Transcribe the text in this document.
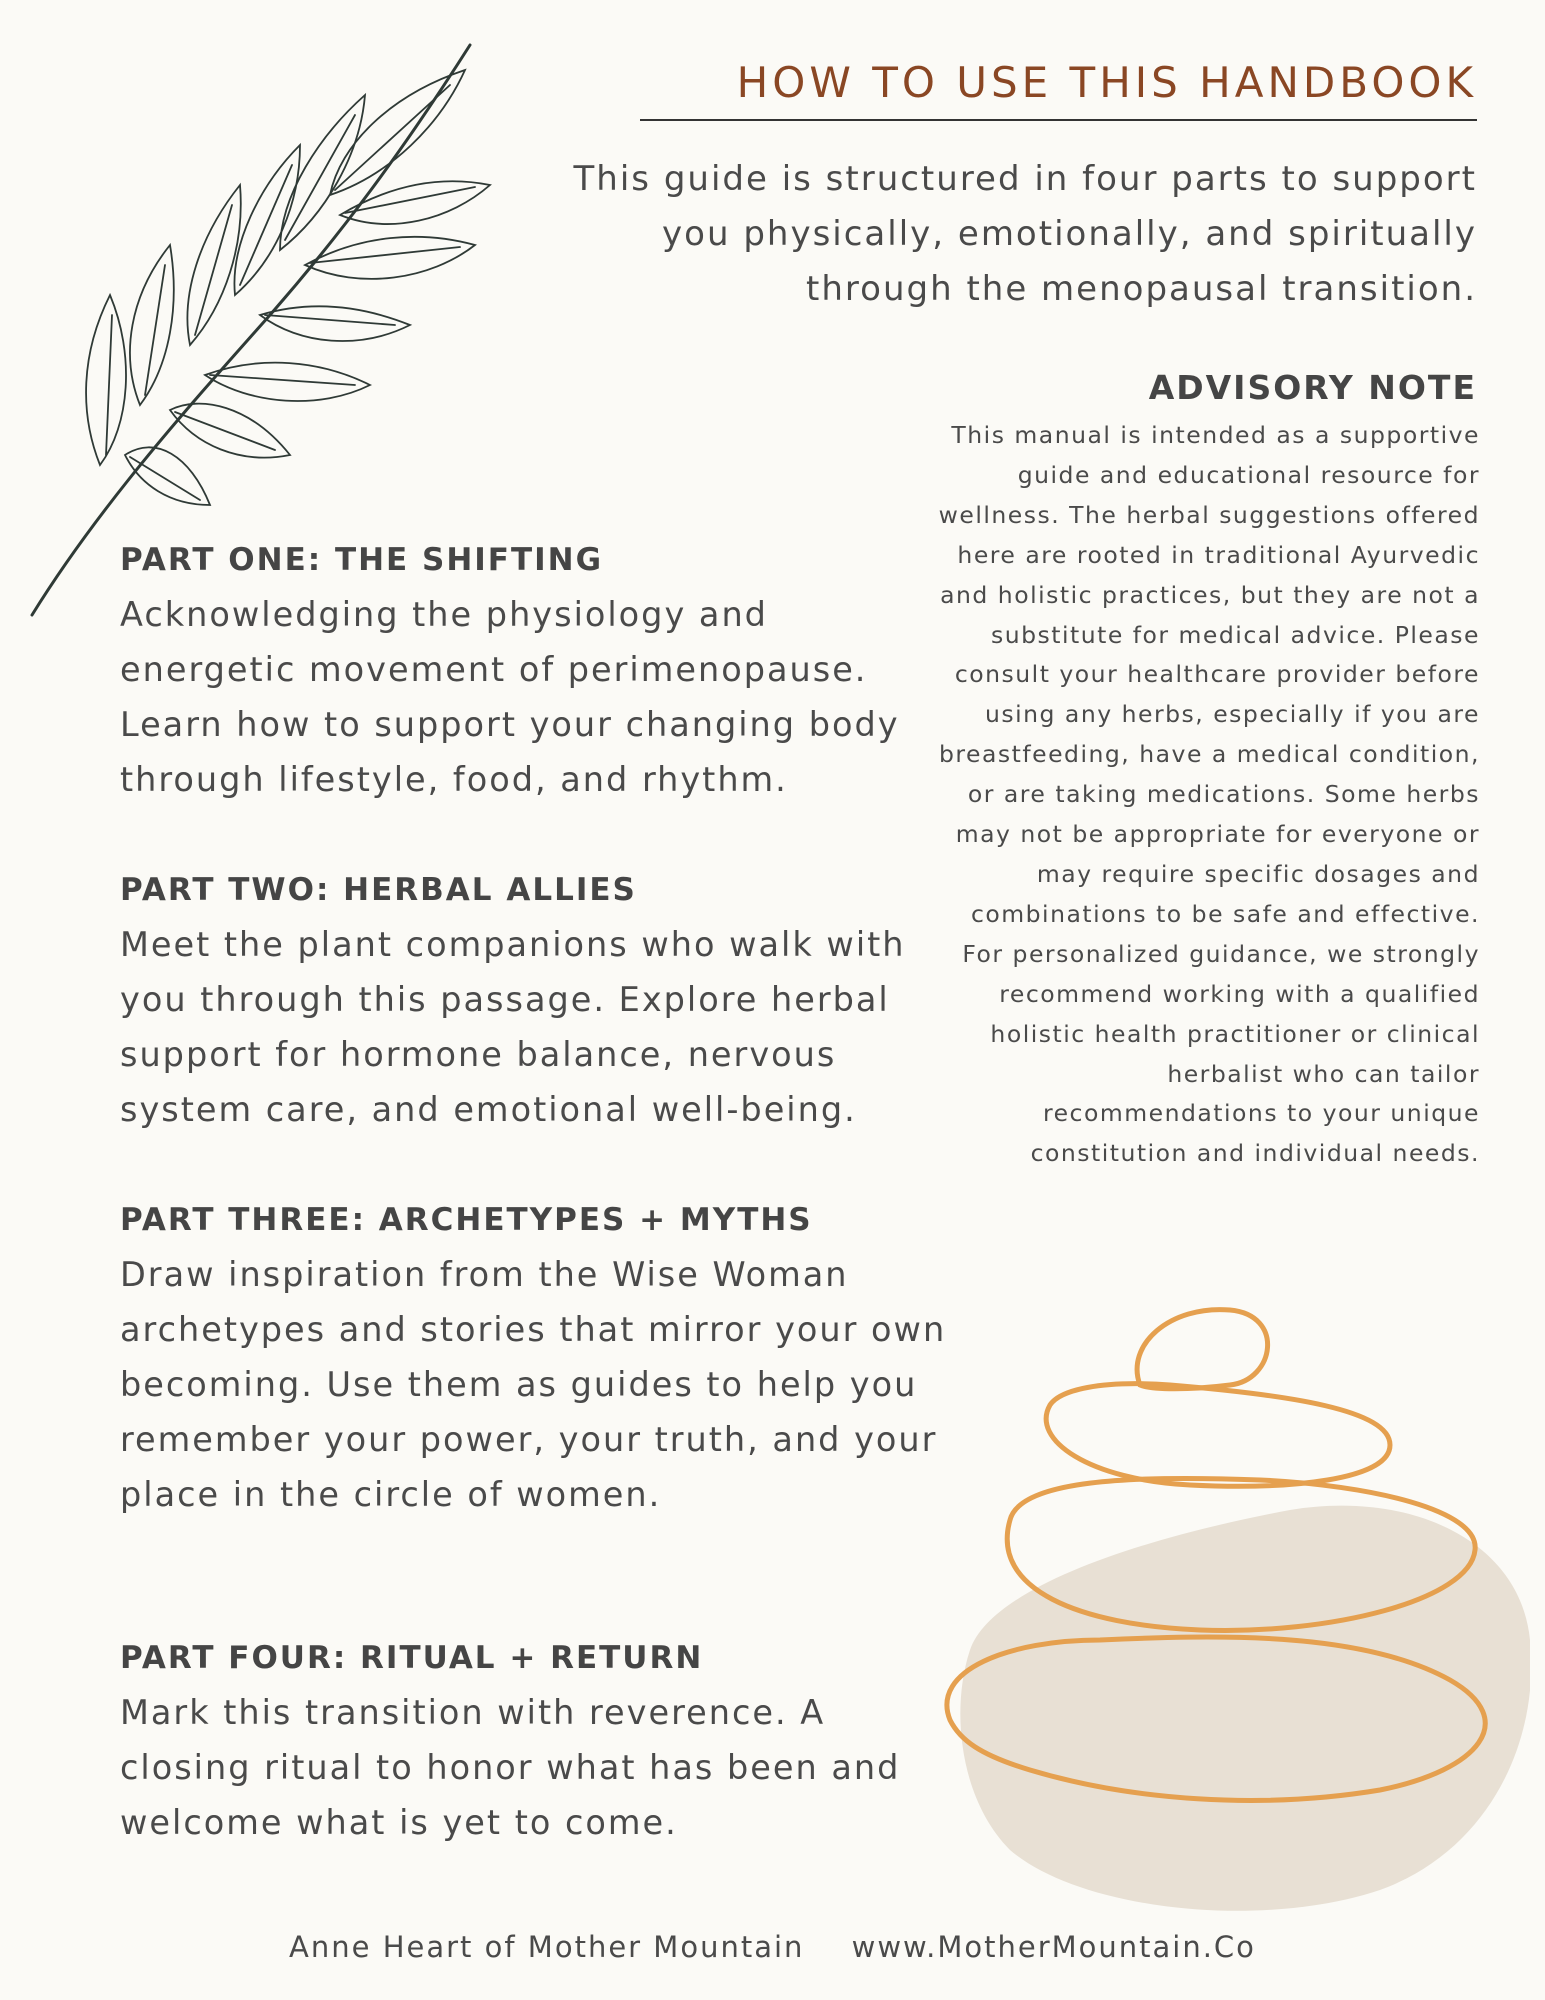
HOW TO USE THIS HANDBOOK
This guide is structured in four parts to support you physically, emotionally, and spiritually through the menopausal transition.
ADVISORY NOTE
This manual is intended as a supportive guide and educational resource for wellness. The herbal suggestions offered here are rooted in traditional Ayurvedic and holistic practices, but they are not a substitute for medical advice. Please consult your healthcare provider before using any herbs, especially if you are breastfeeding, have a medical condition, or are taking medications. Some herbs may not be appropriate for everyone or may require specific dosages and combinations to be safe and effective. For personalized guidance, we strongly recommend working with a qualified holistic health practitioner or clinical herbalist who can tailor recommendations to your unique constitution and individual needs.
PART ONE: THE SHIFTING
Acknowledging the physiology and energetic movement of perimenopause. Learn how to support your changing body through lifestyle, food, and rhythm.
PART TWO: HERBAL ALLIES
Meet the plant companions who walk with you through this passage. Explore herbal support for hormone balance, nervous system care, and emotional well-being.
PART THREE: ARCHETYPES + MYTHS
Draw inspiration from the Wise Woman archetypes and stories that mirror your own becoming. Use them as guides to help you remember your power, your truth, and your place in the circle of women.
PART FOUR: RITUAL + RETURN
Mark this transition with reverence. A closing ritual to honor what has been and welcome what is yet to come.
Anne Heart of Mother Mountain www.MotherMountain.Co
